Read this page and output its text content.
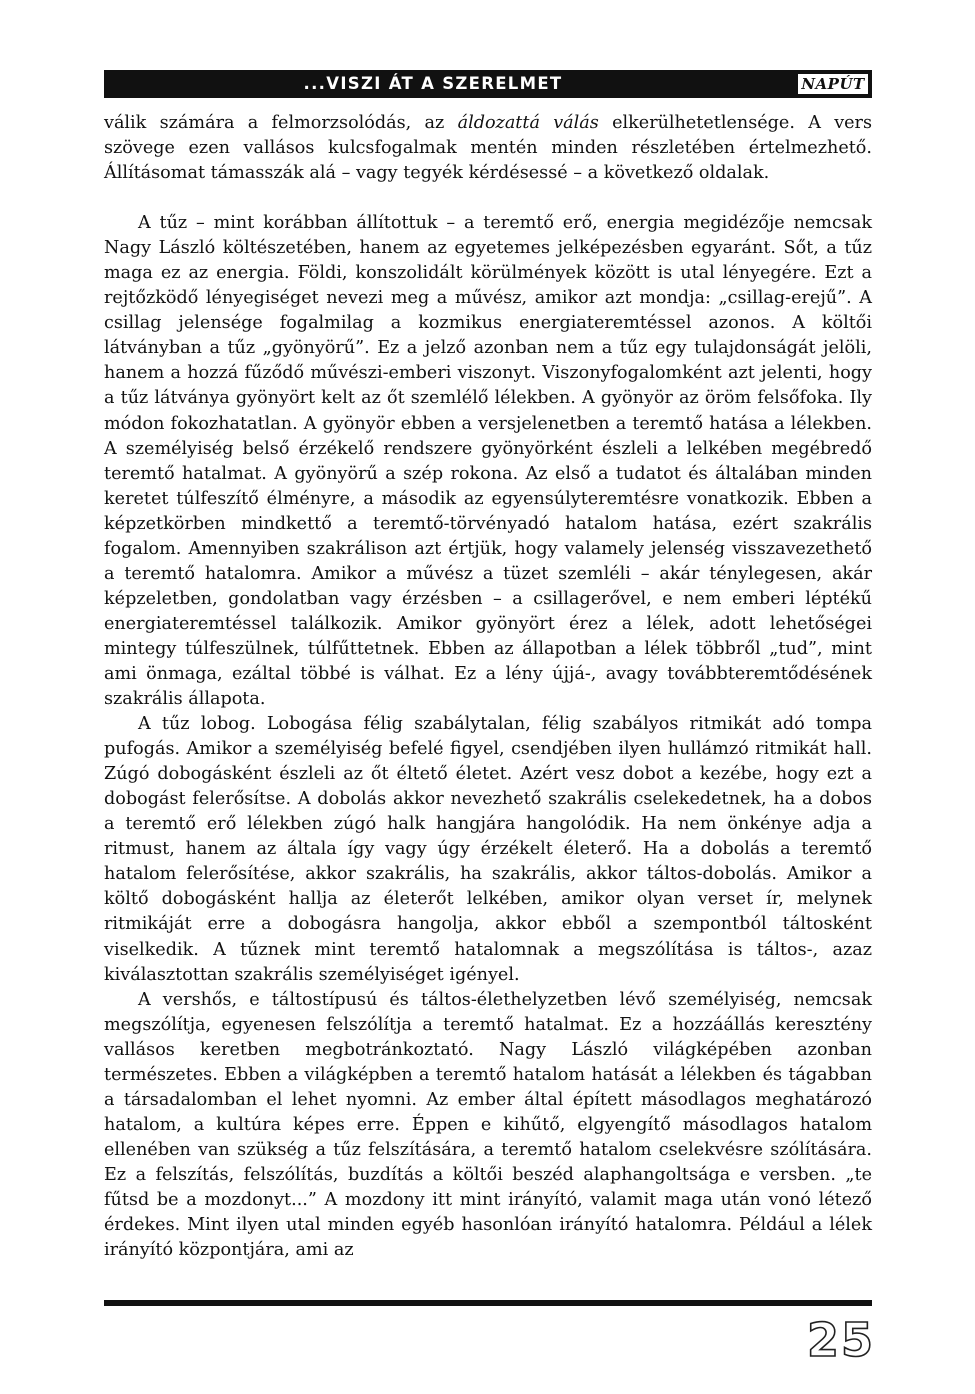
...VISZI ÁT A SZERELMET	NAPÚT

válik számára a felmorzsolódás, az áldozattá válás elkerülhetetlensége. A vers szövege ezen vallásos kulcsfogalmak mentén minden részletében értelmezhető. Állításomat támasszák alá – vagy tegyék kérdésessé – a következő oldalak.

A tűz – mint korábban állítottuk – a teremtő erő, energia megidézője nemcsak Nagy László költészetében, hanem az egyetemes jelképezésben egyaránt. Sőt, a tűz maga ez az energia. Földi, konszolidált körülmények között is utal lényegére. Ezt a rejtőzködő lényegiséget nevezi meg a művész, amikor azt mondja: „csillag-erejű”. A csillag jelensége fogalmilag a kozmikus energiateremtéssel azonos. A költői látványban a tűz „gyönyörű”. Ez a jelző azonban nem a tűz egy tulajdonságát jelöli, hanem a hozzá fűződő művészi-emberi viszonyt. Viszonyfogalomként azt jelenti, hogy a tűz látványa gyönyört kelt az őt szemlélő lélekben. A gyönyör az öröm felsőfoka. Ily módon fokozhatatlan. A gyönyör ebben a versjelenetben a teremtő hatása a lélekben. A személyiség belső érzékelő rendszere gyönyörként észleli a lelkében megébredő teremtő hatalmat. A gyönyörű a szép rokona. Az első a tudatot és általában minden keretet túlfeszítő élményre, a második az egyensúlyteremtésre vonatkozik. Ebben a képzetkörben mindkettő a teremtő-törvényadó hatalom hatása, ezért szakrális fogalom. Amennyiben szakrálison azt értjük, hogy valamely jelenség visszavezethető a teremtő hatalomra. Amikor a művész a tüzet szemléli – akár ténylegesen, akár képzeletben, gondolatban vagy érzésben – a csillagerővel, e nem emberi léptékű energiateremtéssel találkozik. Amikor gyönyört érez a lélek, adott lehetőségei mintegy túlfeszülnek, túlfűttetnek. Ebben az állapotban a lélek többről „tud”, mint ami önmaga, ezáltal többé is válhat. Ez a lény újjá-, avagy továbbteremtődésének szakrális állapota.

A tűz lobog. Lobogása félig szabálytalan, félig szabályos ritmikát adó tompa pufogás. Amikor a személyiség befelé figyel, csendjében ilyen hullámzó ritmikát hall. Zúgó dobogásként észleli az őt éltető életet. Azért vesz dobot a kezébe, hogy ezt a dobogást felerősítse. A dobolás akkor nevezhető szakrális cselekedetnek, ha a dobos a teremtő erő lélekben zúgó halk hangjára hangolódik. Ha nem önkénye adja a ritmust, hanem az általa így vagy úgy érzékelt életerő. Ha a dobolás a teremtő hatalom felerősítése, akkor szakrális, ha szakrális, akkor táltos-dobolás. Amikor a költő dobogásként hallja az életerőt lelkében, amikor olyan verset ír, melynek ritmikáját erre a dobogásra hangolja, akkor ebből a szempontból táltosként viselkedik. A tűznek mint teremtő hatalomnak a megszólítása is táltos-, azaz kiválasztottan szakrális személyiséget igényel.

A vershős, e táltostípusú és táltos-élethelyzetben lévő személyiség, nemcsak megszólítja, egyenesen felszólítja a teremtő hatalmat. Ez a hozzáállás keresztény vallásos keretben megbotránkoztató. Nagy László világképében azonban természetes. Ebben a világképben a teremtő hatalom hatását a lélekben és tágabban a társadalomban el lehet nyomni. Az ember által épített másodlagos meghatározó hatalom, a kultúra képes erre. Éppen e kihűtő, elgyengítő másodlagos hatalom ellenében van szükség a tűz felszítására, a teremtő hatalom cselekvésre szólítására. Ez a felszítás, felszólítás, buzdítás a költői beszéd alaphangoltsága e versben. „te fűtsd be a mozdonyt...” A mozdony itt mint irányító, valamit maga után vonó létező érdekes. Mint ilyen utal minden egyéb hasonlóan irányító hatalomra. Például a lélek irányító központjára, ami az

25
